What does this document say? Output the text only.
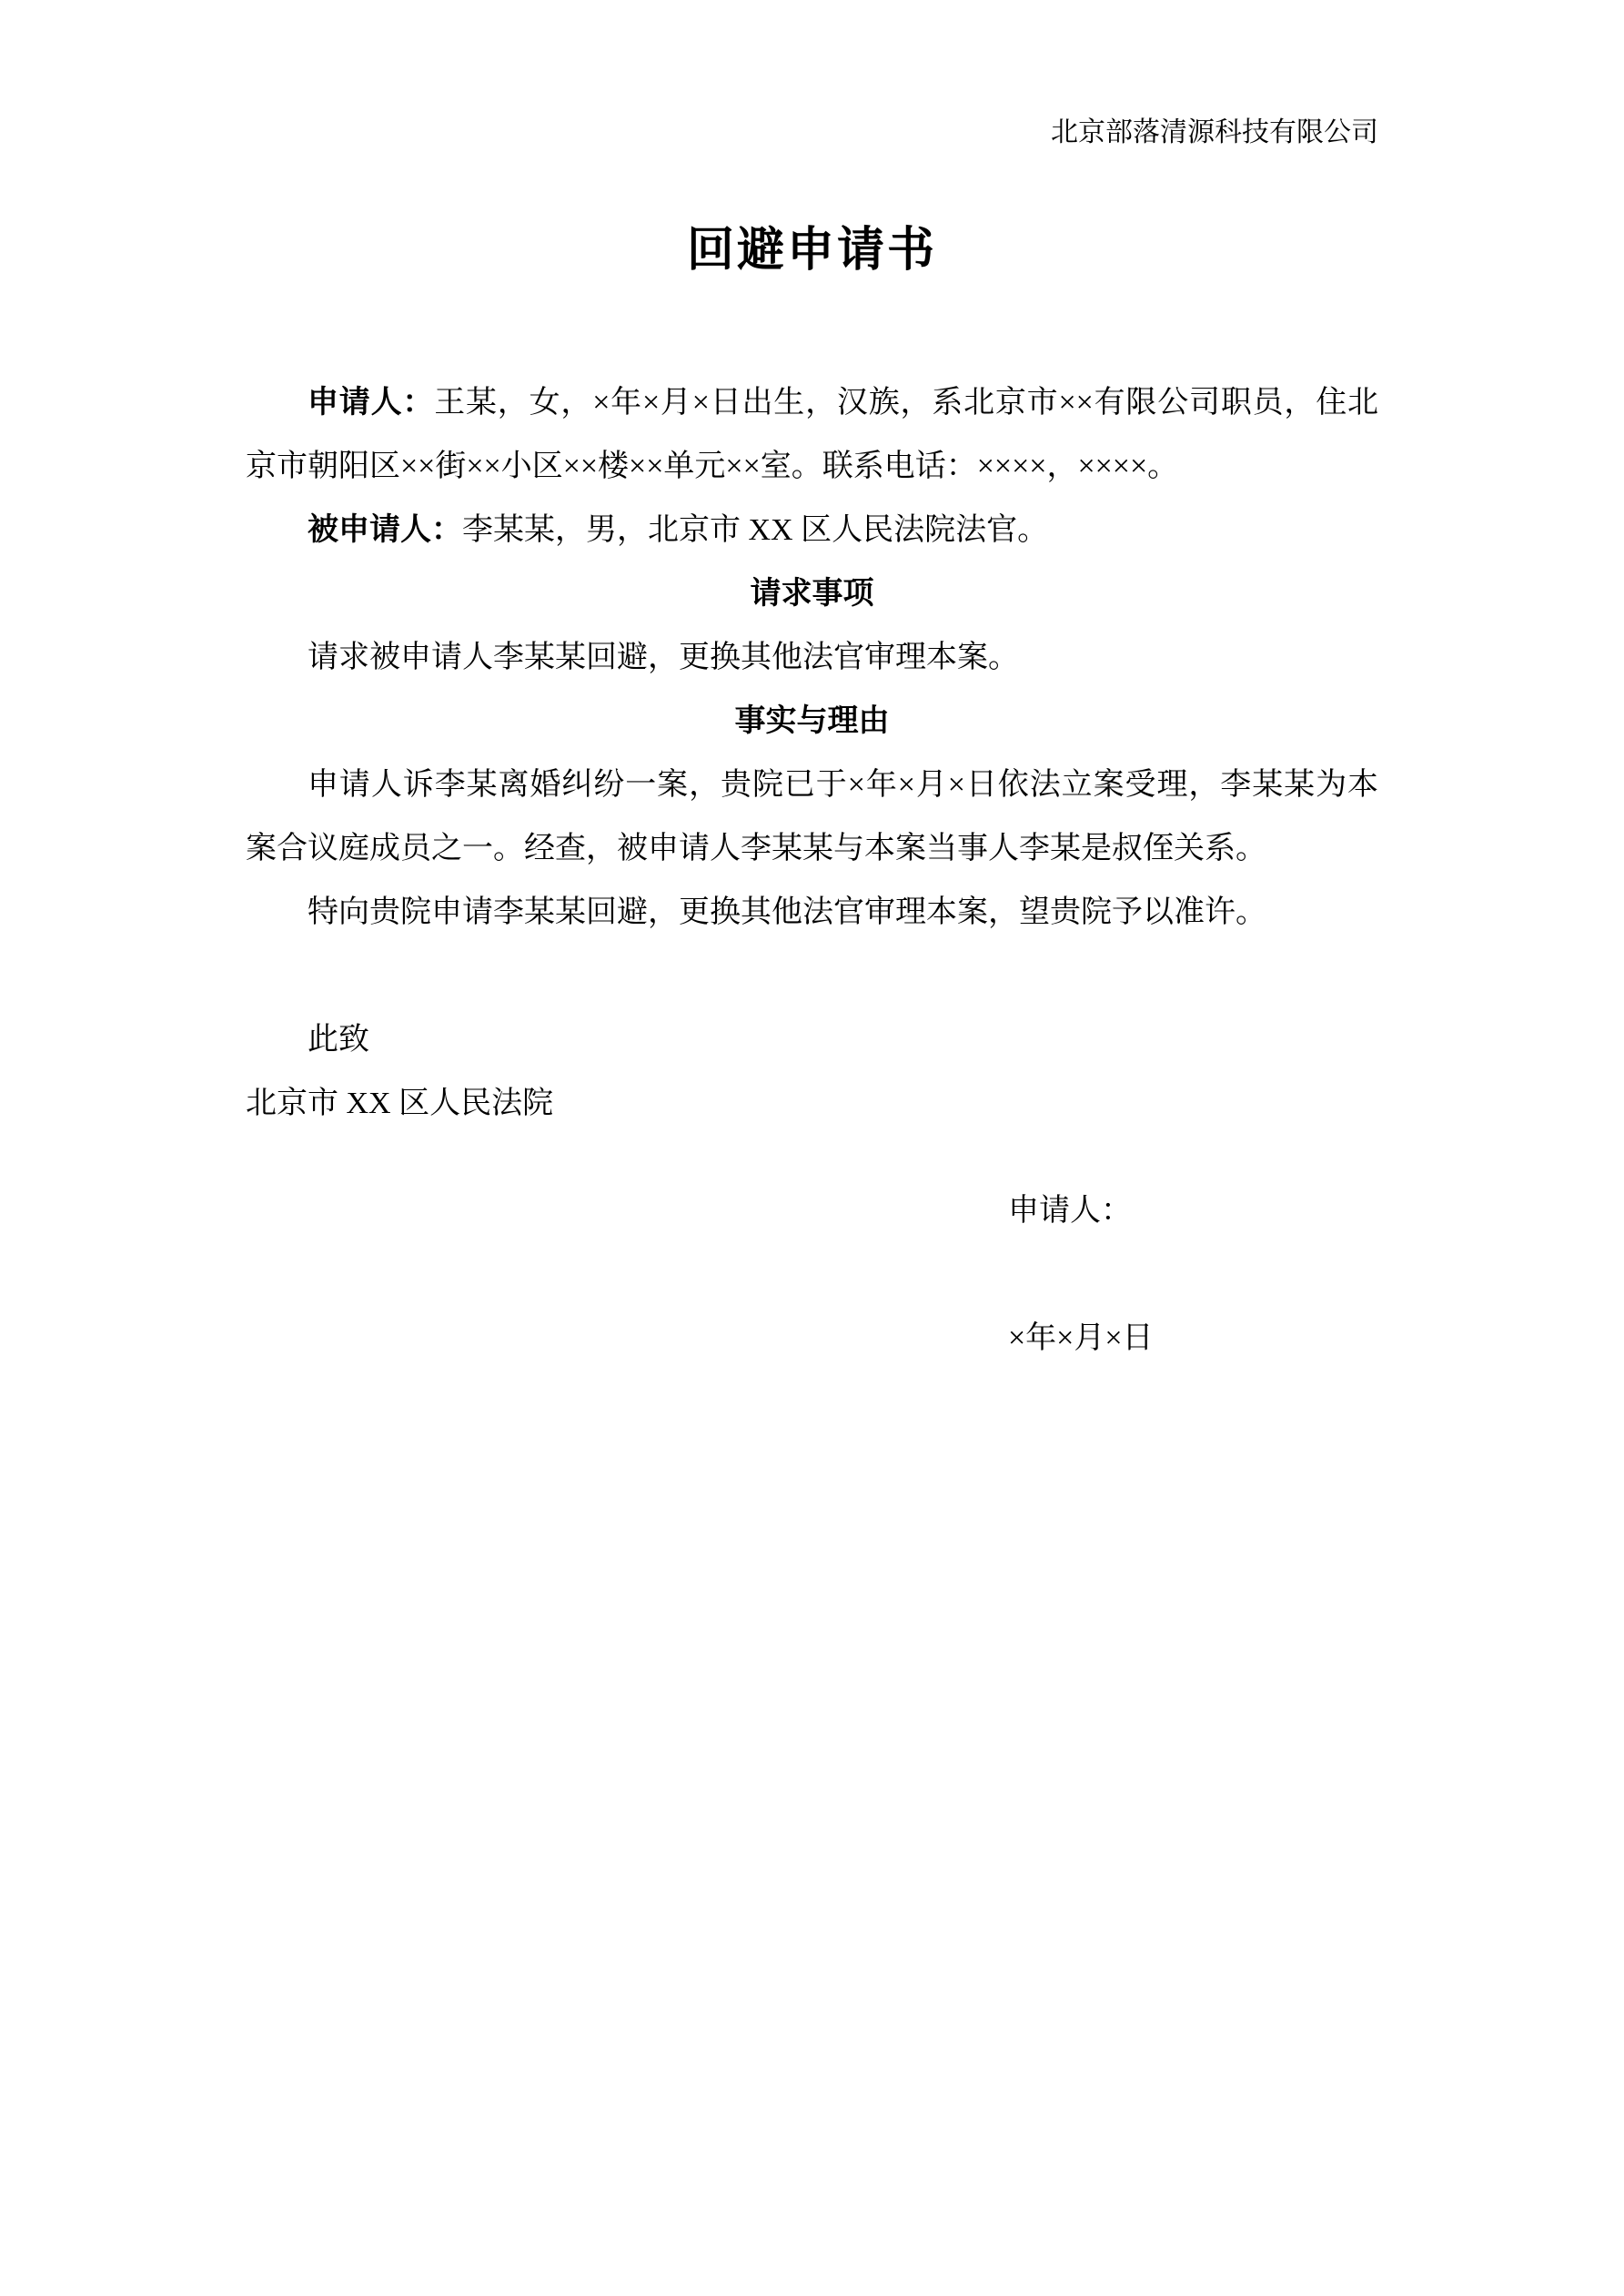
北京部落清源科技有限公司
回避申请书

申请人：王某，女，×年×月×日出生，汉族，系北京市××有限公司职员，住北京市朝阳区××街××小区××楼××单元××室。联系电话：××××，××××。

被申请人：李某某，男，北京市 XX 区人民法院法官。

请求事项

请求被申请人李某某回避，更换其他法官审理本案。

事实与理由

申请人诉李某离婚纠纷一案，贵院已于×年×月×日依法立案受理，李某某为本案合议庭成员之一。经查，被申请人李某某与本案当事人李某是叔侄关系。

特向贵院申请李某某回避，更换其他法官审理本案，望贵院予以准许。

此致

北京市 XX 区人民法院

申请人：

×年×月×日
